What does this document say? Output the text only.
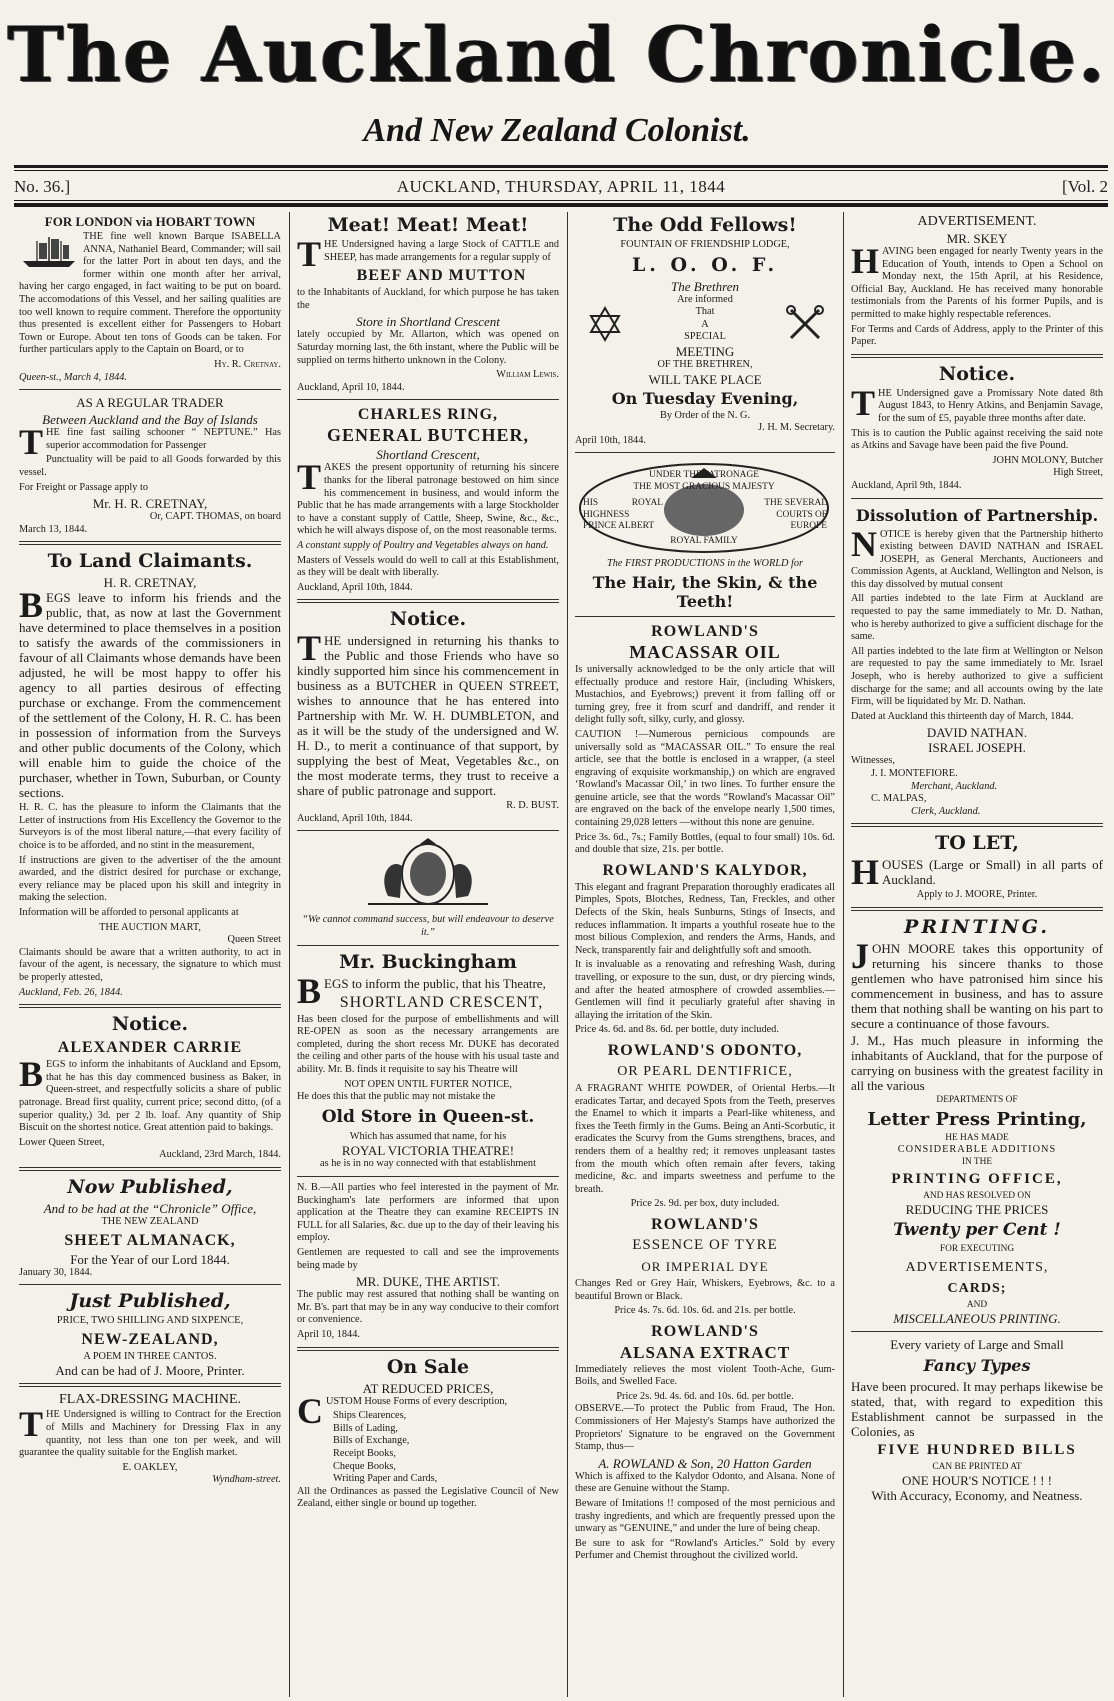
The Auckland Chronicle.
And New Zealand Colonist.
No. 36.]	AUCKLAND, THURSDAY, APRIL 11, 1844	[Vol. 2
FOR LONDON via HOBART TOWN

THE fine well known Barque ISABELLA ANNA, Nathaniel Beard, Commander; will sail for the latter Port in about ten days, and the former within one month after her arrival, having her cargo engaged, in fact waiting to be put on board. The accomodations of this Vessel, and her sailing qualities are too well known to require comment. Therefore the opportunity thus presented is excellent either for Passengers to Hobart Town or Europe. About ten tons of Goods can be taken. For further particulars apply to the Captain on Board, or to

Hy. R. Cretnay.
Queen-st., March 4, 1844.
AS A REGULAR TRADER
Between Auckland and the Bay of Islands

THE fine fast sailing schooner “ NEPTUNE.” Has superior accommodation for Passenger

Punctuality will be paid to all Goods forwarded by this vessel.

For Freight or Passage apply to

Mr. H. R. CRETNAY,
Or, CAPT. THOMAS, on board
March 13, 1844.
To Land Claimants.
H. R. CRETNAY,

BEGS leave to inform his friends and the public, that, as now at last the Government have determined to place themselves in a position to satisfy the awards of the commissioners in favour of all Claimants whose demands have been adjusted, he will be most happy to offer his agency to all parties desirous of effecting purchase or exchange. From the commencement of the settlement of the Colony, H. R. C. has been in possession of information from the Surveys and other public documents of the Colony, which will enable him to guide the choice of the purchaser, whether in Town, Suburban, or County sections.

H. R. C. has the pleasure to inform the Claimants that the Letter of instructions from His Excellency the Governor to the Surveyors is of the most liberal nature,—that every facility of choice is to be afforded, and no stint in the measurement,

If instructions are given to the advertiser of the the amount awarded, and the district desired for purchase or exchange, every reliance may be placed upon his skill and integrity in making the selection.

Information will be afforded to personal applicants at

THE AUCTION MART,
Queen Street

Claimants should be aware that a written authority, to act in favour of the agent, is necessary, the signature to which must be properly attested,

Auckland, Feb. 26, 1844.
Notice.
ALEXANDER CARRIE

BEGS to inform the inhabitants of Auckland and Epsom, that he has this day commenced business as Baker, in Queen-street, and respectfully solicits a share of public patronage. Bread first quality, current price; second ditto, (of a superior quality,) 3d. per 2 lb. loaf. Any quantity of Ship Biscuit on the shortest notice. Great attention paid to bakings.

Lower Queen Street,
Auckland, 23rd March, 1844.
Now Published,
And to be had at the “Chronicle” Office,
THE NEW ZEALAND
SHEET ALMANACK,
For the Year of our Lord 1844.
January 30, 1844.
Just Published,
PRICE, TWO SHILLING AND SIXPENCE,
NEW-ZEALAND,
A POEM IN THREE CANTOS.
And can be had of J. Moore, Printer.
FLAX-DRESSING MACHINE.

THE Undersigned is willing to Contract for the Erection of Mills and Machinery for Dressing Flax in any quantity, not less than one ton per week, and will guarantee the quality suitable for the English market.

E. OAKLEY,
Wyndham-street.
Meat! Meat! Meat!

THE Undersigned having a large Stock of CATTLE and SHEEP, has made arrangements for a regular supply of

BEEF AND MUTTON

to the Inhabitants of Auckland, for which purpose he has taken the

Store in Shortland Crescent

lately occupied by Mr. Allarton, which was opened on Saturday morning last, the 6th instant, where the Public will be supplied on terms hitherto unknown in the Colony.

William Lewis.
Auckland, April 10, 1844.
CHARLES RING,
GENERAL BUTCHER,
Shortland Crescent,

TAKES the present opportunity of returning his sincere thanks for the liberal patronage bestowed on him since his commencement in business, and would inform the Public that he has made arrangements with a large Stockholder to have a constant supply of Cattle, Sheep, Swine, &c., &c., which he will always dispose of, on the most reasonable terms.

A constant supply of Poultry and Vegetables always on hand.

Masters of Vessels would do well to call at this Establishment, as they will be dealt with liberally.

Auckland, April 10th, 1844.
Notice.

THE undersigned in returning his thanks to the Public and those Friends who have so kindly supported him since his commencement in business as a BUTCHER in QUEEN STREET, wishes to announce that he has entered into Partnership with Mr. W. H. DUMBLETON, and as it will be the study of the undersigned and W. H. D., to merit a continuance of that support, by supplying the best of Meat, Vegetables &c., on the most moderate terms, they trust to receive a share of public patronage and support.

R. D. BUST.
Auckland, April 10th, 1844.
“We cannot command success, but will endeavour to deserve it.”
Mr. Buckingham

BEGS to inform the public, that his Theatre,

SHORTLAND CRESCENT,

Has been closed for the purpose of embellishments and will RE-OPEN as soon as the necessary arrangements are completed, during the short recess Mr. DUKE has decorated the ceiling and other parts of the house with his usual taste and ability. Mr. B. finds it requisite to say his Theatre will

NOT OPEN UNTIL FURTER NOTICE,

He does this that the public may not mistake the

Old Store in Queen-st.
Which has assumed that name, for his
ROYAL VICTORIA THEATRE!
as he is in no way connected with that establishment

N. B.—All parties who feel interested in the payment of Mr. Buckingham's late performers are informed that upon application at the Theatre they can examine RECEIPTS IN FULL for all Salaries, &c. due up to the day of their leaving his employ.

Gentlemen are requested to call and see the improvements being made by

MR. DUKE, THE ARTIST.

The public may rest assured that nothing shall be wanting on Mr. B's. part that may be in any way conducive to their comfort or convenience.

April 10, 1844.
On Sale
AT REDUCED PRICES,

CUSTOM House Forms of every description,

Ships Clearences,
Bills of Lading,
Bills of Exchange,
Receipt Books,
Cheque Books,
Writing Paper and Cards,

All the Ordinances as passed the Legislative Council of New Zealand, either single or bound up together.

The Odd Fellows!
FOUNTAIN OF FRIENDSHIP LODGE,
L. O. O. F.
The Brethren
Are informed
That
A
SPECIAL
MEETING
OF THE BRETHREN,
WILL TAKE PLACE
On Tuesday Evening,
By Order of the N. G.
J. H. M. Secretary.
April 10th, 1844.
UNDER THE PATRONAGE
THE MOST GRACIOUS MAJESTY
HIS ROYAL HIGHNESS PRINCE ALBERT
THE SEVERAL COURTS OF EUROPE
ROYAL FAMILY
The FIRST PRODUCTIONS in the WORLD for
The Hair, the Skin, & the Teeth!
ROWLAND'S
MACASSAR OIL

Is universally acknowledged to be the only article that will effectually produce and restore Hair, (including Whiskers, Mustachios, and Eyebrows;) prevent it from falling off or turning grey, free it from scurf and dandriff, and render it delight fully soft, silky, curly, and glossy.

CAUTION !—Numerous pernicious compounds are universally sold as “MACASSAR OIL.” To ensure the real article, see that the bottle is enclosed in a wrapper, (a steel engraving of exquisite workmanship,) on which are engraved ‘Rowland's Macassar Oil,’ in two lines. To further ensure the genuine article, see that the words “Rowland's Macassar Oil” are engraved on the back of the envelope nearly 1,500 times, containing 29,028 letters —without this none are genuine.

Price 3s. 6d., 7s.; Family Bottles, (equal to four small) 10s. 6d. and double that size, 21s. per bottle.

ROWLAND'S KALYDOR,

This elegant and fragrant Preparation thoroughly eradicates all Pimples, Spots, Blotches, Redness, Tan, Freckles, and other Defects of the Skin, heals Sunburns, Stings of Insects, and reduces inflammation. It imparts a youthful roseate hue to the most bilious Complexion, and renders the Arms, Hands, and Neck, transparently fair and delightfully soft and smooth.

It is invaluable as a renovating and refreshing Wash, during travelling, or exposure to the sun, dust, or dry piercing winds, and after the heated atmosphere of crowded assemblies.—Gentlemen will find it peculiarly grateful after shaving in allaying the irritation of the Skin.

Price 4s. 6d. and 8s. 6d. per bottle, duty included.

ROWLAND'S ODONTO,
OR PEARL DENTIFRICE,

A FRAGRANT WHITE POWDER, of Oriental Herbs.—It eradicates Tartar, and decayed Spots from the Teeth, preserves the Enamel to which it imparts a Pearl-like whiteness, and fixes the Teeth firmly in the Gums. Being an Anti-Scorbutic, it eradicates the Scurvy from the Gums strengthens, braces, and renders them of a healthy red; it removes unpleasant tastes from the mouth which often remain after fevers, taking medicine, &c. and imparts sweetness and perfume to the breath.

Price 2s. 9d. per box, duty included.
ROWLAND'S
ESSENCE OF TYRE
OR IMPERIAL DYE

Changes Red or Grey Hair, Whiskers, Eyebrows, &c. to a beautiful Brown or Black.

Price 4s. 7s. 6d. 10s. 6d. and 21s. per bottle.
ROWLAND'S
ALSANA EXTRACT

Immediately relieves the most violent Tooth-Ache, Gum-Boils, and Swelled Face.

Price 2s. 9d. 4s. 6d. and 10s. 6d. per bottle.

OBSERVE.—To protect the Public from Fraud, The Hon. Commissioners of Her Majesty's Stamps have authorized the Proprietors' Signature to be engraved on the Government Stamp, thus—

A. ROWLAND & Son, 20 Hatton Garden

Which is affixed to the Kalydor Odonto, and Alsana. None of these are Genuine without the Stamp.

Beware of Imitations !! composed of the most pernicious and trashy ingredients, and which are frequently pressed upon the unwary as “GENUINE,” and under the lure of being cheap.

Be sure to ask for “Rowland's Articles.” Sold by every Perfumer and Chemist throughout the civilized world.

ADVERTISEMENT.
MR. SKEY

HAVING been engaged for nearly Twenty years in the Education of Youth, intends to Open a School on Monday next, the 15th April, at his Residence, Official Bay, Auckland. He has received many honorable testimonials from the Parents of his former Pupils, and is permitted to make highly respectable references.

For Terms and Cards of Address, apply to the Printer of this Paper.

Notice.

THE Undersigned gave a Promissary Note dated 8th August 1843, to Henry Atkins, and Benjamin Savage, for the sum of £5, payable three months after date.

This is to caution the Public against receiving the said note as Atkins and Savage have been paid the five Pound.

JOHN MOLONY, Butcher
High Street,
Auckland, April 9th, 1844.
Dissolution of Partnership.

NOTICE is hereby given that the Partnership hitherto existing between DAVID NATHAN and ISRAEL JOSEPH, as General Merchants, Auctioneers and Commission Agents, at Auckland, Wellington and Nelson, is this day dissolved by mutual consent

All parties indebted to the late Firm at Auckland are requested to pay the same immediately to Mr. D. Nathan, who is hereby authorized to give a sufficient dischage for the same.

All parties indebted to the late firm at Wellington or Nelson are requested to pay the same immediately to Mr. Israel Joseph, who is hereby authorized to give a sufficient discharge for the same; and all accounts owing by the late Firm, will be liquidated by Mr. D. Nathan.

Dated at Auckland this thirteenth day of March, 1844.

DAVID NATHAN.
ISRAEL JOSEPH.
Witnesses,
J. I. MONTEFIORE.
Merchant, Auckland.
C. MALPAS,
Clerk, Auckland.
TO LET,

HOUSES (Large or Small) in all parts of Auckland.

Apply to J. MOORE, Printer.
PRINTING.

JOHN MOORE takes this opportunity of returning his sincere thanks to those gentlemen who have patronised him since his commencement in business, and has to assure them that nothing shall be wanting on his part to secure a continuance of those favours.

J. M., Has much pleasure in informing the inhabitants of Auckland, that for the purpose of carrying on business with the greatest facility in all the various

DEPARTMENTS OF
Letter Press Printing,
HE HAS MADE
CONSIDERABLE ADDITIONS
IN THE
PRINTING OFFICE,
AND HAS RESOLVED ON
REDUCING THE PRICES
Twenty per Cent !
FOR EXECUTING
ADVERTISEMENTS,
CARDS;
AND
MISCELLANEOUS PRINTING.
Every variety of Large and Small
Fancy Types

Have been procured. It may perhaps likewise be stated, that, with regard to expedition this Establishment cannot be surpassed in the Colonies, as

FIVE HUNDRED BILLS
CAN BE PRINTED AT
ONE HOUR'S NOTICE ! ! !
With Accuracy, Economy, and Neatness.
